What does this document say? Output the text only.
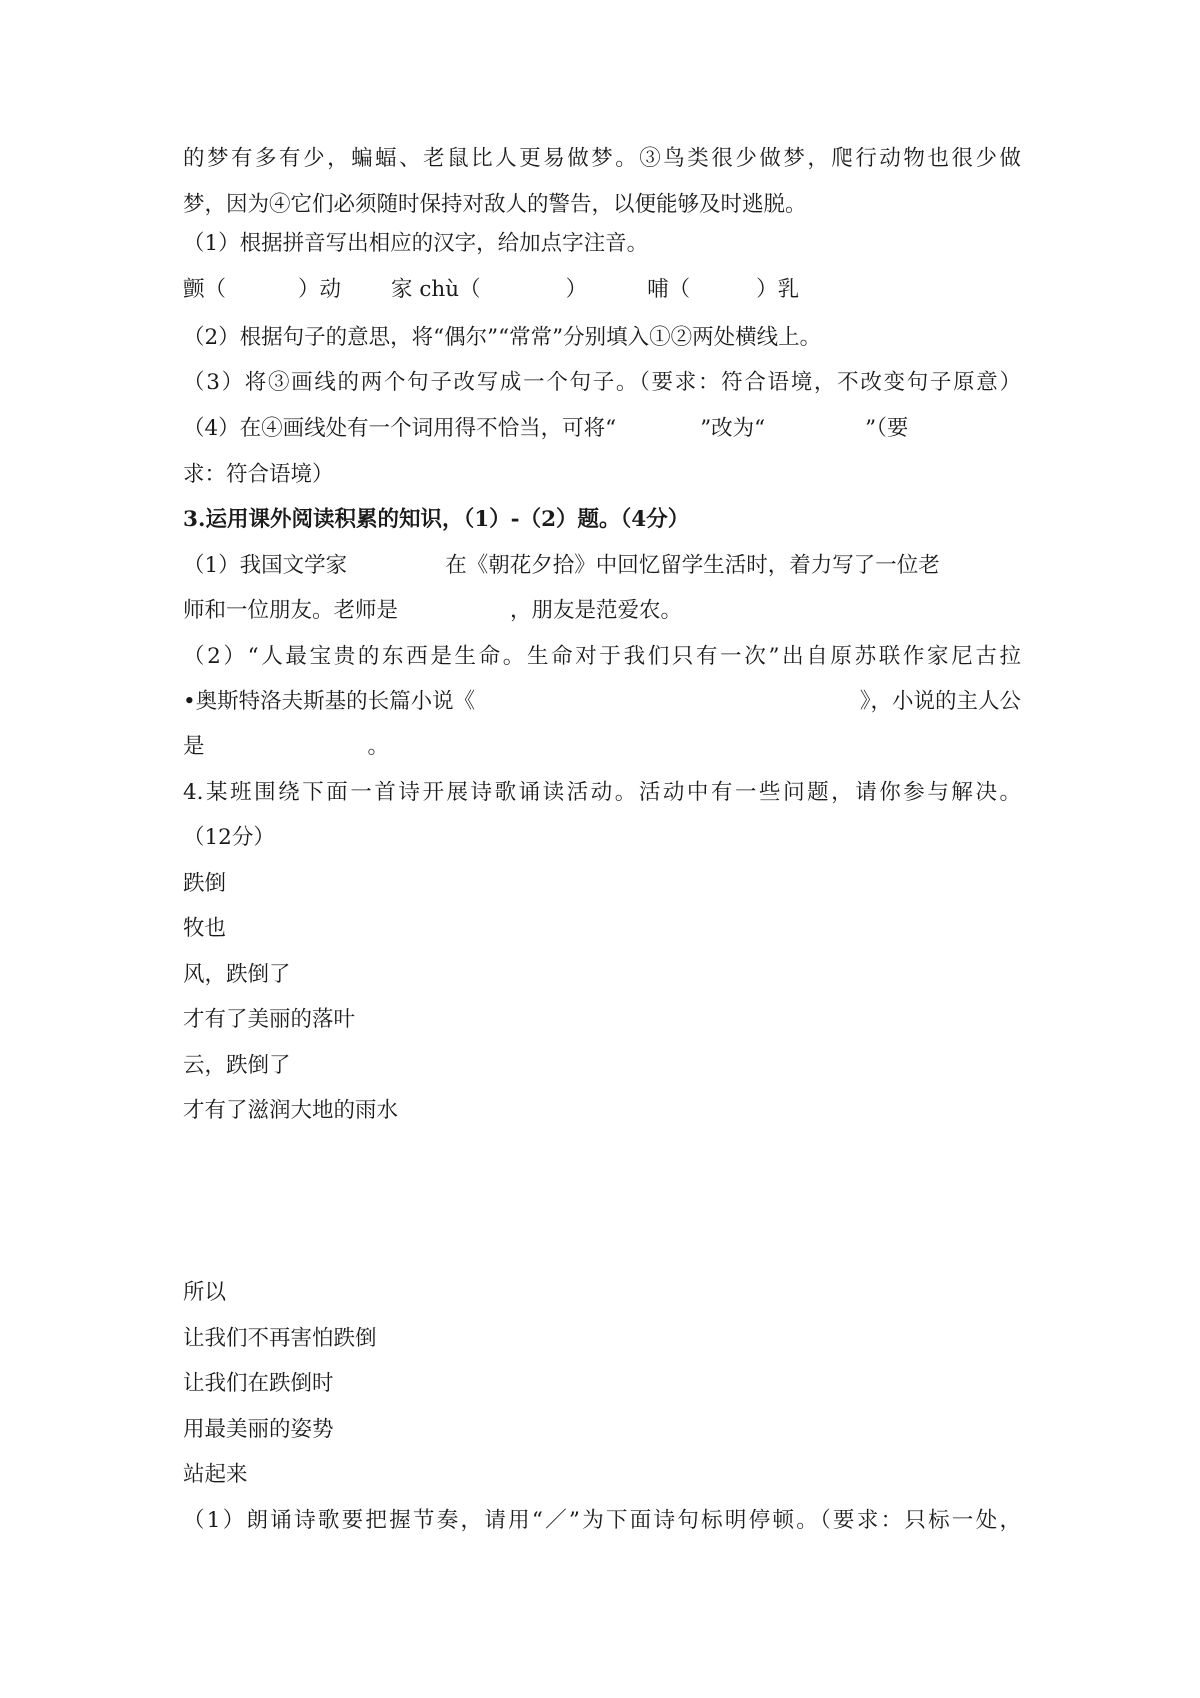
的梦有多有少，蝙蝠、老鼠比人更易做梦。③鸟类很少做梦，爬行动物也很少做
梦，因为④它们必须随时保持对敌人的警告，以便能够及时逃脱。
（1）根据拼音写出相应的汉字，给加点字注音。
颤（	）动 家 chù（	）	哺（	）乳
（2）根据句子的意思，将“偶尔”“常常”分别填入①②两处横线上。
（3）将③画线的两个句子改写成一个句子。（要求：符合语境，不改变句子原意）
（4）在④画线处有一个词用得不恰当，可将“	”改为“	”（要
求：符合语境）
3.运用课外阅读积累的知识，（1）-（2）题。（4分）
（1）我国文学家	在《朝花夕拾》中回忆留学生活时，着力写了一位老
师和一位朋友。老师是	，朋友是范爱农。
（2）“人最宝贵的东西是生命。生命对于我们只有一次”出自原苏联作家尼古拉
•奥斯特洛夫斯基的长篇小说《	》，小说的主人公
是	。
4.某班围绕下面一首诗开展诗歌诵读活动。活动中有一些问题，请你参与解决。
（12分）
跌倒
牧也
风，跌倒了
才有了美丽的落叶
云，跌倒了
才有了滋润大地的雨水
所以
让我们不再害怕跌倒
让我们在跌倒时
用最美丽的姿势
站起来
（1）朗诵诗歌要把握节奏，请用“／”为下面诗句标明停顿。（要求：只标一处，
